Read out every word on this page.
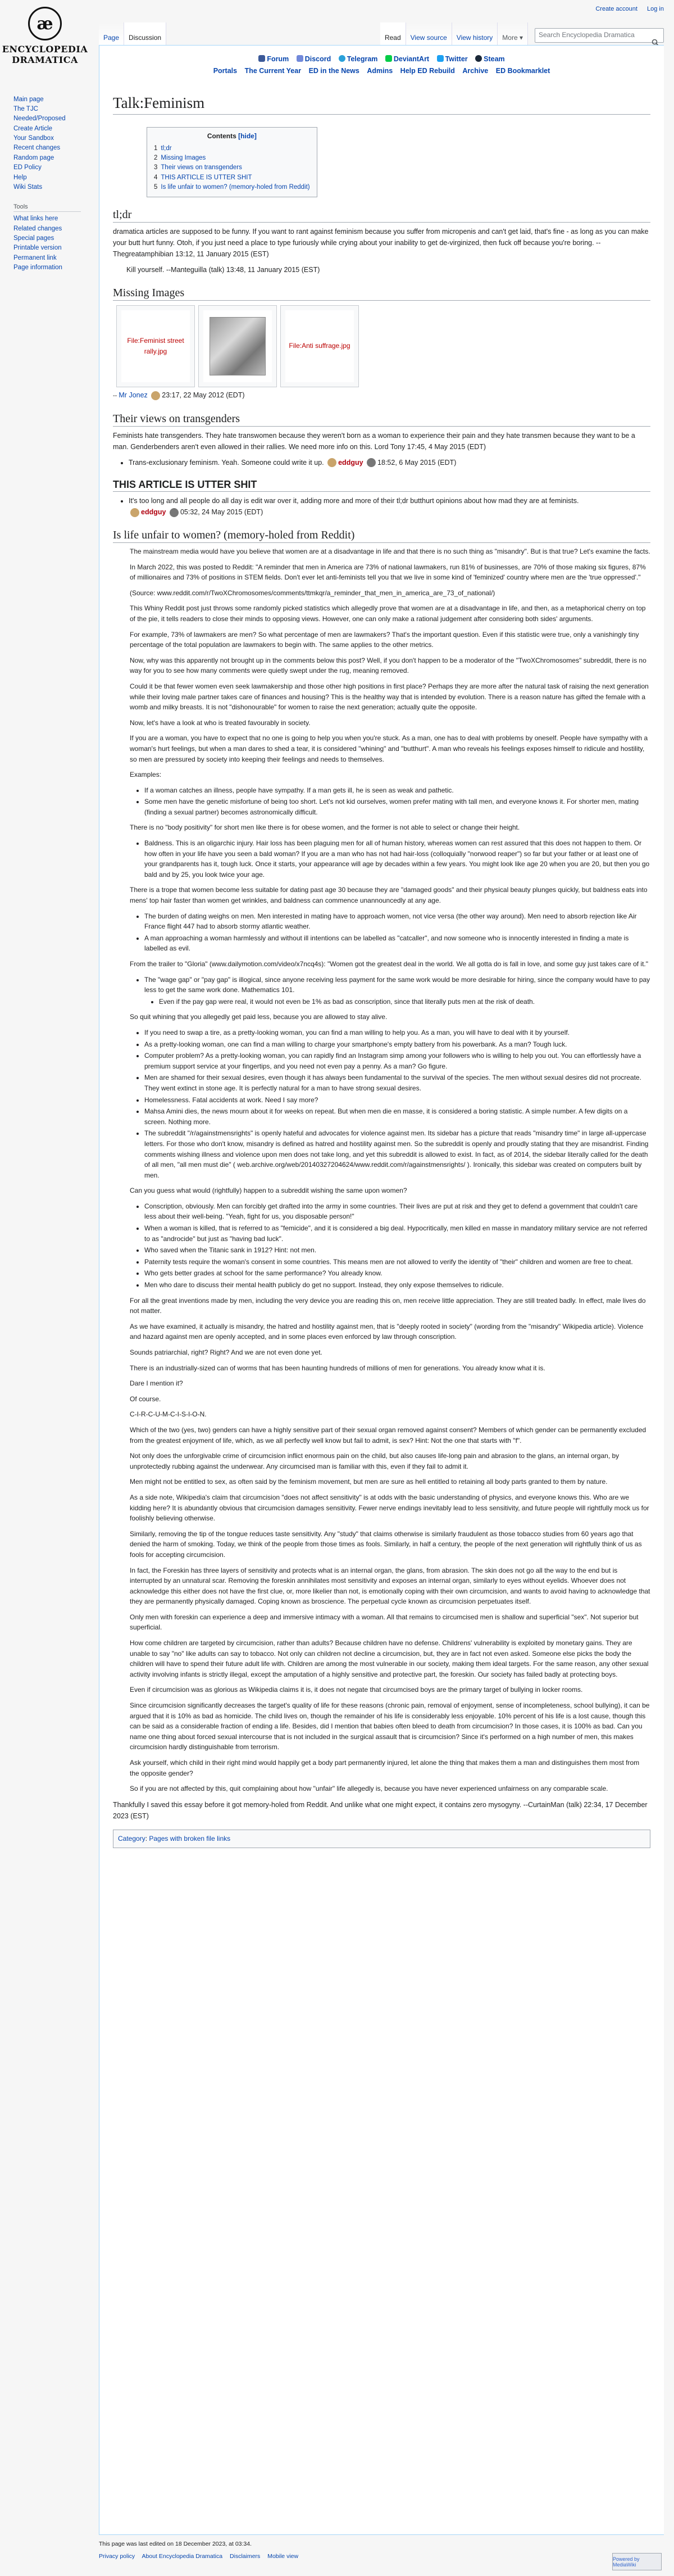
æ
ENCYCLOPEDIA
DRAMATICA
Create account Log in
Page	Discussion	Read	View source	View history	More
▾	Search Encyclopedia Dramatica
Main page
The TJC
Needed/Proposed
Create Article
Your Sandbox
Recent changes
Random page
ED Policy
Help
Wiki Stats
Tools
What links here
Related changes
Special pages
Printable version
Permanent link
Page information
Forum Discord Telegram DeviantArt Twitter Steam
Portals The Current Year ED in the News Admins Help ED Rebuild Archive ED Bookmarklet
Talk:Feminism
Contents [hide]
1 tl;dr
2 Missing Images
3 Their views on transgenders
4 THIS ARTICLE IS UTTER SHIT
5 Is life unfair to women? (memory-holed from Reddit)
tl;dr

dramatica articles are supposed to be funny. If you want to rant against feminism because you suffer from micropenis and can't get laid, that's fine - as long as you can make your butt hurt funny. Otoh, if you just need a place to type furiously while crying about your inability to get de-virginized, then fuck off because you're boring. --Thegreatamphibian 13:12, 11 January 2015 (EST)

Kill yourself. --Manteguilla (talk) 13:48, 11 January 2015 (EST)

Missing Images
File:Feminist street rally.jpg
File:Anti suffrage.jpg

-- Mr Jonez 23:17, 22 May 2012 (EDT)

Their views on transgenders

Feminists hate transgenders. They hate transwomen because they weren't born as a woman to experience their pain and they hate transmen because they want to be a man. Genderbenders aren't even allowed in their rallies. We need more info on this. Lord Tony 17:45, 4 May 2015 (EDT)

• Trans-exclusionary feminism. Yeah. Someone could write it up. eddguy 18:52, 6 May 2015 (EDT)
THIS ARTICLE IS UTTER SHIT
• It's too long and all people do all day is edit war over it, adding more and more of their tl;dr butthurt opinions about how mad they are at feminists.
eddguy 05:32, 24 May 2015 (EDT)
Is life unfair to women? (memory-holed from Reddit)

The mainstream media would have you believe that women are at a disadvantage in life and that there is no such thing as "misandry". But is that true? Let's examine the facts.

In March 2022, this was posted to Reddit: "A reminder that men in America are 73% of national lawmakers, run 81% of businesses, are 70% of those making six figures, 87% of millionaires and 73% of positions in STEM fields. Don't ever let anti-feminists tell you that we live in some kind of 'feminized' country where men are the 'true oppressed'."

(Source: www.reddit.com/r/TwoXChromosomes/comments/ttmkqr/a_reminder_that_men_in_america_are_73_of_national/)

This Whiny Reddit post just throws some randomly picked statistics which allegedly prove that women are at a disadvantage in life, and then, as a metaphorical cherry on top of the pie, it tells readers to close their minds to opposing views. However, one can only make a rational judgement after considering both sides' arguments.

For example, 73% of lawmakers are men? So what percentage of men are lawmakers? That's the important question. Even if this statistic were true, only a vanishingly tiny percentage of the total population are lawmakers to begin with. The same applies to the other metrics.

Now, why was this apparently not brought up in the comments below this post? Well, if you don't happen to be a moderator of the "TwoXChromosomes" subreddit, there is no way for you to see how many comments were quietly swept under the rug, meaning removed.

Could it be that fewer women even seek lawmakership and those other high positions in first place? Perhaps they are more after the natural task of raising the next generation while their loving male partner takes care of finances and housing? This is the healthy way that is intended by evolution. There is a reason nature has gifted the female with a womb and milky breasts. It is not "dishonourable" for women to raise the next generation; actually quite the opposite.

Now, let's have a look at who is treated favourably in society.

If you are a woman, you have to expect that no one is going to help you when you're stuck. As a man, one has to deal with problems by oneself. People have sympathy with a woman's hurt feelings, but when a man dares to shed a tear, it is considered "whining" and "butthurt". A man who reveals his feelings exposes himself to ridicule and hostility, so men are pressured by society into keeping their feelings and needs to themselves.

Examples:

• If a woman catches an illness, people have sympathy. If a man gets ill, he is seen as weak and pathetic.
• Some men have the genetic misfortune of being too short. Let's not kid ourselves, women prefer mating with tall men, and everyone knows it. For shorter men, mating (finding a sexual partner) becomes astronomically difficult.

There is no "body positivity" for short men like there is for obese women, and the former is not able to select or change their height.

• Baldness. This is an oligarchic injury. Hair loss has been plaguing men for all of human history, whereas women can rest assured that this does not happen to them. Or how often in your life have you seen a bald woman? If you are a man who has not had hair-loss (colloquially "norwood reaper") so far but your father or at least one of your grandparents has it, tough luck. Once it starts, your appearance will age by decades within a few years. You might look like age 20 when you are 20, but then you go bald and by 25, you look twice your age.

There is a trope that women become less suitable for dating past age 30 because they are "damaged goods" and their physical beauty plunges quickly, but baldness eats into mens' top hair faster than women get wrinkles, and baldness can commence unannouncedly at any age.

• The burden of dating weighs on men. Men interested in mating have to approach women, not vice versa (the other way around). Men need to absorb rejection like Air France flight 447 had to absorb stormy atlantic weather.
• A man approaching a woman harmlessly and without ill intentions can be labelled as "catcaller", and now someone who is innocently interested in finding a mate is labelled as evil.

From the trailer to "Gloria" (www.dailymotion.com/video/x7ncq4s): "Women got the greatest deal in the world. We all gotta do is fall in love, and some guy just takes care of it."

• The "wage gap" or "pay gap" is illogical, since anyone receiving less payment for the same work would be more desirable for hiring, since the company would have to pay less to get the same work done. Mathematics 101.
• Even if the pay gap were real, it would not even be 1% as bad as conscription, since that literally puts men at the risk of death.

So quit whining that you allegedly get paid less, because you are allowed to stay alive.

• If you need to swap a tire, as a pretty-looking woman, you can find a man willing to help you. As a man, you will have to deal with it by yourself.
• As a pretty-looking woman, one can find a man willing to charge your smartphone's empty battery from his powerbank. As a man? Tough luck.
• Computer problem? As a pretty-looking woman, you can rapidly find an Instagram simp among your followers who is willing to help you out. You can effortlessly have a premium support service at your fingertips, and you need not even pay a penny. As a man? Go figure.
• Men are shamed for their sexual desires, even though it has always been fundamental to the survival of the species. The men without sexual desires did not procreate. They went extinct in stone age. It is perfectly natural for a man to have strong sexual desires.
• Homelessness. Fatal accidents at work. Need I say more?
• Mahsa Amini dies, the news mourn about it for weeks on repeat. But when men die en masse, it is considered a boring statistic. A simple number. A few digits on a screen. Nothing more.
• The subreddit "/r/againstmensrights" is openly hateful and advocates for violence against men. Its sidebar has a picture that reads "misandry time" in large all-uppercase letters. For those who don't know, misandry is defined as hatred and hostility against men. So the subreddit is openly and proudly stating that they are misandrist. Finding comments wishing illness and violence upon men does not take long, and yet this subreddit is allowed to exist. In fact, as of 2014, the sidebar literally called for the death of all men, "all men must die" ( web.archive.org/web/20140327204624/www.reddit.com/r/againstmensrights/ ). Ironically, this sidebar was created on computers built by men.

Can you guess what would (rightfully) happen to a subreddit wishing the same upon women?

• Conscription, obviously. Men can forcibly get drafted into the army in some countries. Their lives are put at risk and they get to defend a government that couldn't care less about their well-being. "Yeah, fight for us, you disposable person!"
• When a woman is killed, that is referred to as "femicide", and it is considered a big deal. Hypocritically, men killed en masse in mandatory military service are not referred to as "androcide" but just as "having bad luck".
• Who saved when the Titanic sank in 1912? Hint: not men.
• Paternity tests require the woman's consent in some countries. This means men are not allowed to verify the identity of "their" children and women are free to cheat.
• Who gets better grades at school for the same performance? You already know.
• Men who dare to discuss their mental health publicly do get no support. Instead, they only expose themselves to ridicule.

For all the great inventions made by men, including the very device you are reading this on, men receive little appreciation. They are still treated badly. In effect, male lives do not matter.

As we have examined, it actually is misandry, the hatred and hostility against men, that is "deeply rooted in society" (wording from the "misandry" Wikipedia article). Violence and hazard against men are openly accepted, and in some places even enforced by law through conscription.

Sounds patriarchial, right? Right? And we are not even done yet.

There is an industrially-sized can of worms that has been haunting hundreds of millions of men for generations. You already know what it is.

Dare I mention it?

Of course.

C-I-R-C-U-M-C-I-S-I-O-N.

Which of the two (yes, two) genders can have a highly sensitive part of their sexual organ removed against consent? Members of which gender can be permanently excluded from the greatest enjoyment of life, which, as we all perfectly well know but fail to admit, is sex? Hint: Not the one that starts with "f".

Not only does the unforgivable crime of circumcision inflict enormous pain on the child, but also causes life-long pain and abrasion to the glans, an internal organ, by unprotectedly rubbing against the underwear. Any circumcised man is familiar with this, even if they fail to admit it.

Men might not be entitled to sex, as often said by the feminism movement, but men are sure as hell entitled to retaining all body parts granted to them by nature.

As a side note, Wikipedia's claim that circumcision "does not affect sensitivity" is at odds with the basic understanding of physics, and everyone knows this. Who are we kidding here? It is abundantly obvious that circumcision damages sensitivity. Fewer nerve endings inevitably lead to less sensitivity, and future people will rightfully mock us for foolishly believing otherwise.

Similarly, removing the tip of the tongue reduces taste sensitivity. Any "study" that claims otherwise is similarly fraudulent as those tobacco studies from 60 years ago that denied the harm of smoking. Today, we think of the people from those times as fools. Similarly, in half a century, the people of the next generation will rightfully think of us as fools for accepting circumcision.

In fact, the Foreskin has three layers of sensitivity and protects what is an internal organ, the glans, from abrasion. The skin does not go all the way to the end but is interrupted by an unnatural scar. Removing the foreskin annihilates most sensitivity and exposes an internal organ, similarly to eyes without eyelids. Whoever does not acknowledge this either does not have the first clue, or, more likelier than not, is emotionally coping with their own circumcision, and wants to avoid having to acknowledge that they are permanently physically damaged. Coping known as broscience. The perpetual cycle known as circumcision perpetuates itself.

Only men with foreskin can experience a deep and immersive intimacy with a woman. All that remains to circumcised men is shallow and superficial "sex". Not superior but superficial.

How come children are targeted by circumcision, rather than adults? Because children have no defense. Childrens' vulnerability is exploited by monetary gains. They are unable to say "no" like adults can say to tobacco. Not only can children not decline a circumcision, but, they are in fact not even asked. Someone else picks the body the children will have to spend their future adult life with. Children are among the most vulnerable in our society, making them ideal targets. For the same reason, any other sexual activity involving infants is strictly illegal, except the amputation of a highly sensitive and protective part, the foreskin. Our society has failed badly at protecting boys.

Even if circumcision was as glorious as Wikipedia claims it is, it does not negate that circumcised boys are the primary target of bullying in locker rooms.

Since circumcision significantly decreases the target's quality of life for these reasons (chronic pain, removal of enjoyment, sense of incompleteness, school bullying), it can be argued that it is 10% as bad as homicide. The child lives on, though the remainder of his life is considerably less enjoyable. 10% percent of his life is a lost cause, though this can be said as a considerable fraction of ending a life. Besides, did I mention that babies often bleed to death from circumcision? In those cases, it is 100% as bad. Can you name one thing about forced sexual intercourse that is not included in the surgical assault that is circumcision? Since it's performed on a high number of men, this makes circumcision hardly distinguishable from terrorism.

Ask yourself, which child in their right mind would happily get a body part permanently injured, let alone the thing that makes them a man and distinguishes them most from the opposite gender?

So if you are not affected by this, quit complaining about how "unfair" life allegedly is, because you have never experienced unfairness on any comparable scale.

Thankfully I saved this essay before it got memory-holed from Reddit. And unlike what one might expect, it contains zero mysogyny. --CurtainMan (talk) 22:34, 17 December 2023 (EST)

Category: Pages with broken file links
This page was last edited on 18 December 2023, at 03:34.
Privacy policy About Encyclopedia Dramatica Disclaimers Mobile view	Powered by MediaWiki
